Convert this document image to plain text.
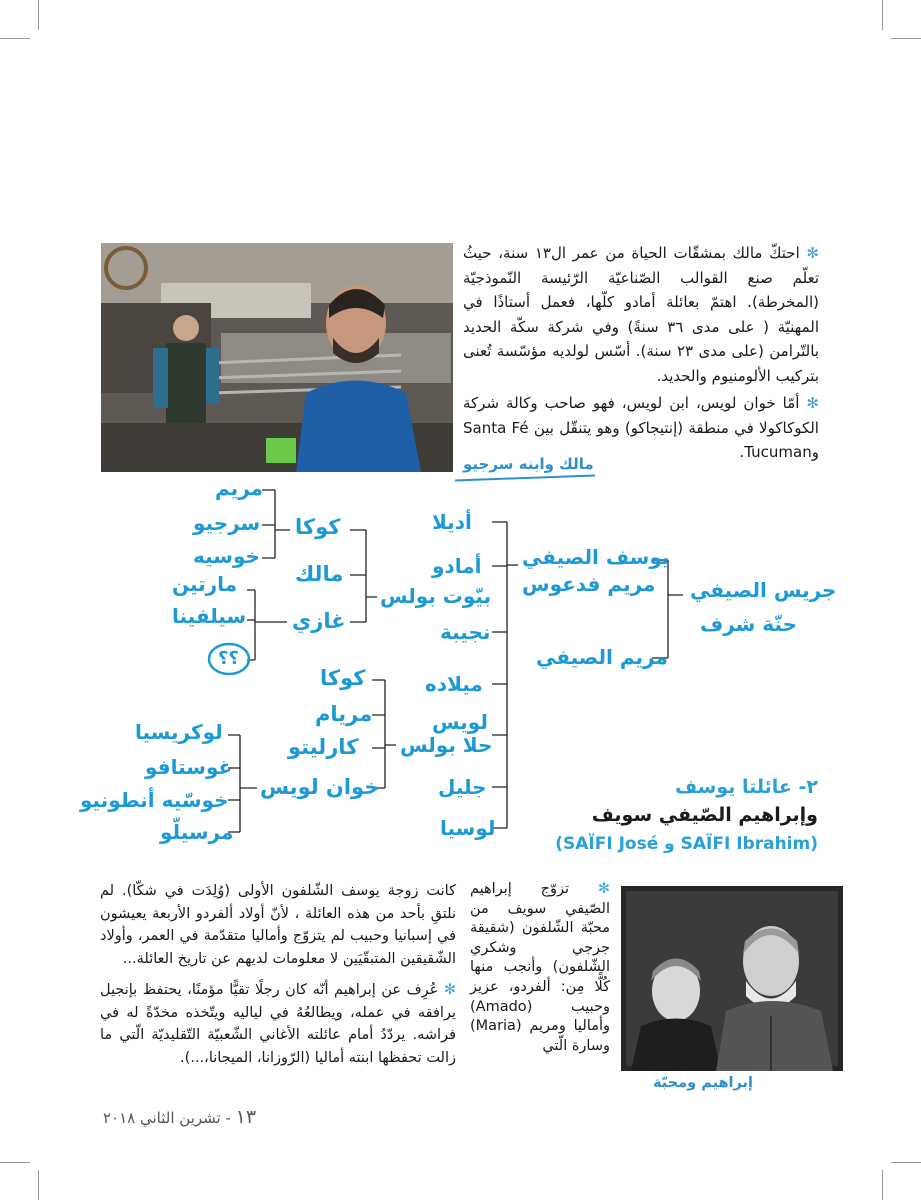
✻ احتكّ مالك بمشقّات الحياة من عمر ال١٣ سنة، حيثُ تعلّم صنع القوالب الصّناعيّة الرّئيسة النّموذجيّة (المخرطة). اهتمّ بعائلة أمادو كلّها، فعمل أستاذًا في المهنيّة ( على مدى ٣٦ سنةً) وفي شركة سكّة الحديد بالتّرامن (على مدى ٢٣ سنة). أسّس لولديه مؤسّسة تُعنى بتركيب الألومنيوم والحديد.
✻ أمّا خوان لويس، ابن لويس، فهو صاحب وكالة شركة الكوكاكولا في منطقة (إنتيجاكو) وهو يتنقّل بين Santa Fé وTucuman.
مالك وابنه سرجيو
جريس الصيفي
حنّة شرف
يوسف الصيفي
مريم فدعوس
مريم الصيفي
أديلا
أمادو
بيّوت بولس
نجيبة
ميلاده
لويس
حلا بولس
جليل
لوسيا
كوكا
مالك
غازي
كوكا
مريام
كارليتو
خوان لويس
مريم
سرجيو
خوسيه
مارتين
سيلفينا
؟؟
لوكريسيا
غوستافو
خوسّيه أنطونيو
مرسيلّو
٢- عائلتا يوسف
وإبراهيم الصّيفي سويف
(SAÏFI José و SAÏFI Ibrahim)
✻ تزوّج إبراهيم الصّيفي سويف من محبّة الشّلفون (شقيقة جرجي وشكري الشّلفون) وأنجب منها كُلًّا مِن: ألفردو، عزيز وحبيب (Amado) وأماليا ومريم (Maria) وسارة الّتي
كانت زوجة يوسف الشّلفون الأولى (وُلِدَت في شكّا). لم نلتقِ بأحد من هذه العائلة ، لأنّ أولاد ألفردو الأربعة يعيشون في إسبانيا وحبيب لم يتزوّج وأماليا متقدّمة في العمر، وأولاد الشّقيقين المتبقّيَين لا معلومات لديهم عن تاريخ العائلة...
✻ عُرِف عن إبراهيم أنّه كان رجلًا تقيًّا مؤمنًا، يحتفظ بإنجيل يرافقه في عمله، ويطالعُهُ في لياليه ويتّخذه مخدّةً له في فراشه. يردّدُ أمام عائلته الأغاني الشّعبيّة التّقليديّة الّتي ما زالت تحفظها ابنته أماليا (الرّوزانا، الميجانا،...).
إبراهيم ومحبّة
١٣ - تشرين الثاني ٢٠١٨
